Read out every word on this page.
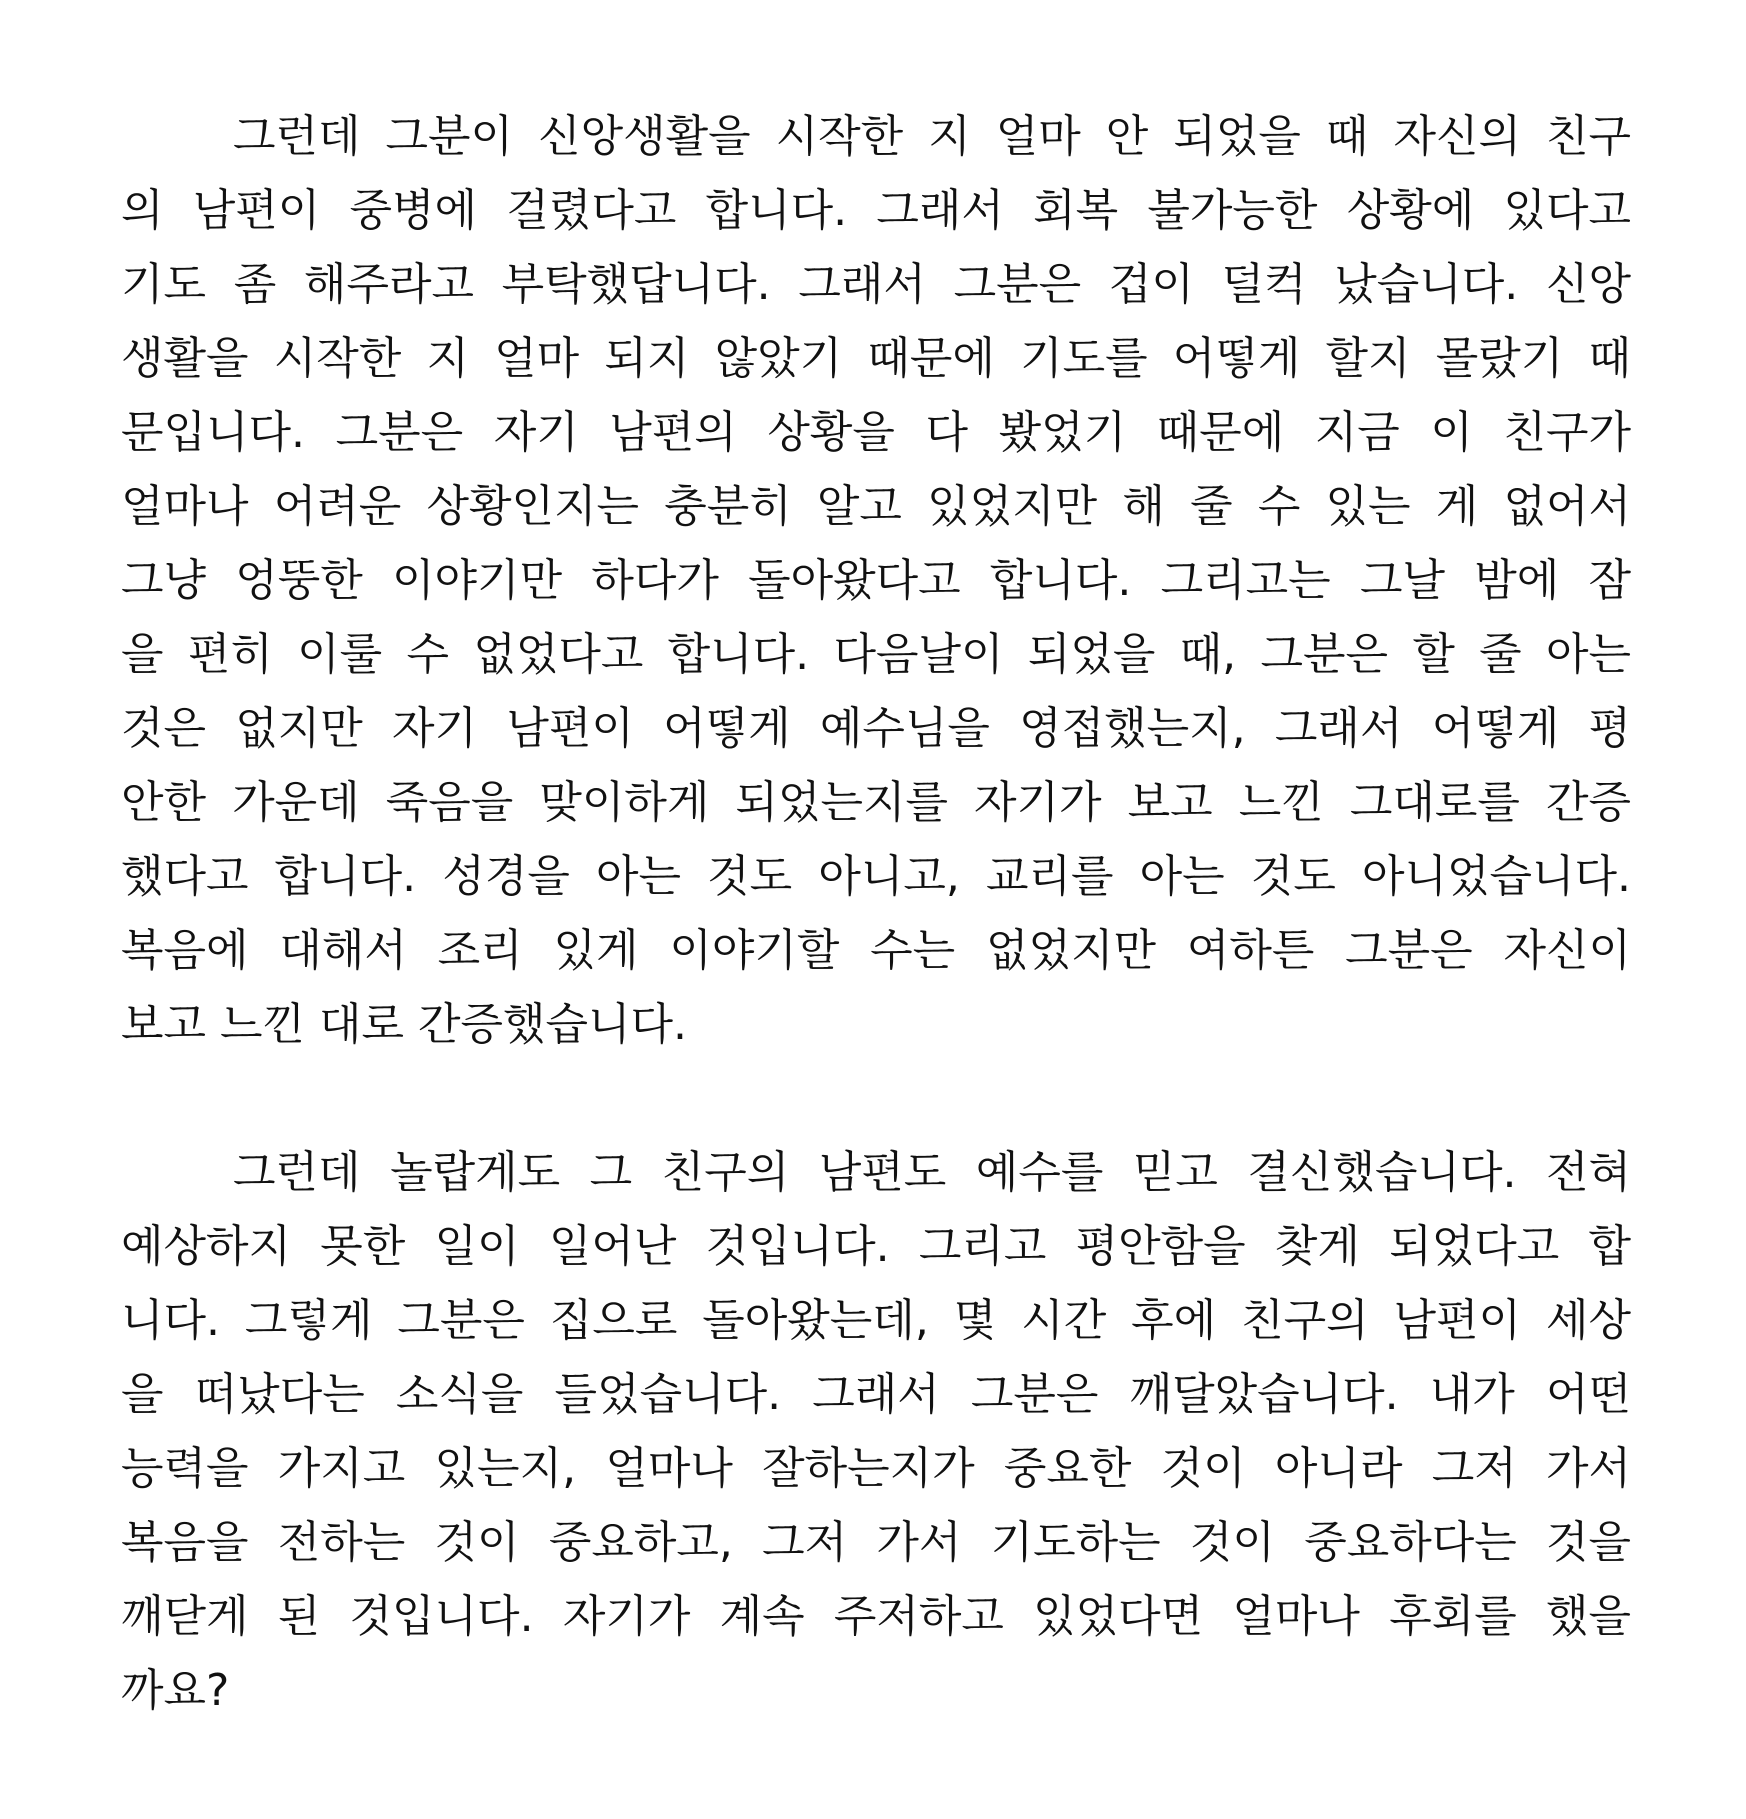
그런데 그분이 신앙생활을 시작한 지 얼마 안 되었을 때 자신의 친구
의 남편이 중병에 걸렸다고 합니다. 그래서 회복 불가능한 상황에 있다고
기도 좀 해주라고 부탁했답니다. 그래서 그분은 겁이 덜컥 났습니다. 신앙
생활을 시작한 지 얼마 되지 않았기 때문에 기도를 어떻게 할지 몰랐기 때
문입니다. 그분은 자기 남편의 상황을 다 봤었기 때문에 지금 이 친구가
얼마나 어려운 상황인지는 충분히 알고 있었지만 해 줄 수 있는 게 없어서
그냥 엉뚱한 이야기만 하다가 돌아왔다고 합니다. 그리고는 그날 밤에 잠
을 편히 이룰 수 없었다고 합니다. 다음날이 되었을 때, 그분은 할 줄 아는
것은 없지만 자기 남편이 어떻게 예수님을 영접했는지, 그래서 어떻게 평
안한 가운데 죽음을 맞이하게 되었는지를 자기가 보고 느낀 그대로를 간증
했다고 합니다. 성경을 아는 것도 아니고, 교리를 아는 것도 아니었습니다.
복음에 대해서 조리 있게 이야기할 수는 없었지만 여하튼 그분은 자신이
보고 느낀 대로 간증했습니다.
그런데 놀랍게도 그 친구의 남편도 예수를 믿고 결신했습니다. 전혀
예상하지 못한 일이 일어난 것입니다. 그리고 평안함을 찾게 되었다고 합
니다. 그렇게 그분은 집으로 돌아왔는데, 몇 시간 후에 친구의 남편이 세상
을 떠났다는 소식을 들었습니다. 그래서 그분은 깨달았습니다. 내가 어떤
능력을 가지고 있는지, 얼마나 잘하는지가 중요한 것이 아니라 그저 가서
복음을 전하는 것이 중요하고, 그저 가서 기도하는 것이 중요하다는 것을
깨닫게 된 것입니다. 자기가 계속 주저하고 있었다면 얼마나 후회를 했을
까요?
